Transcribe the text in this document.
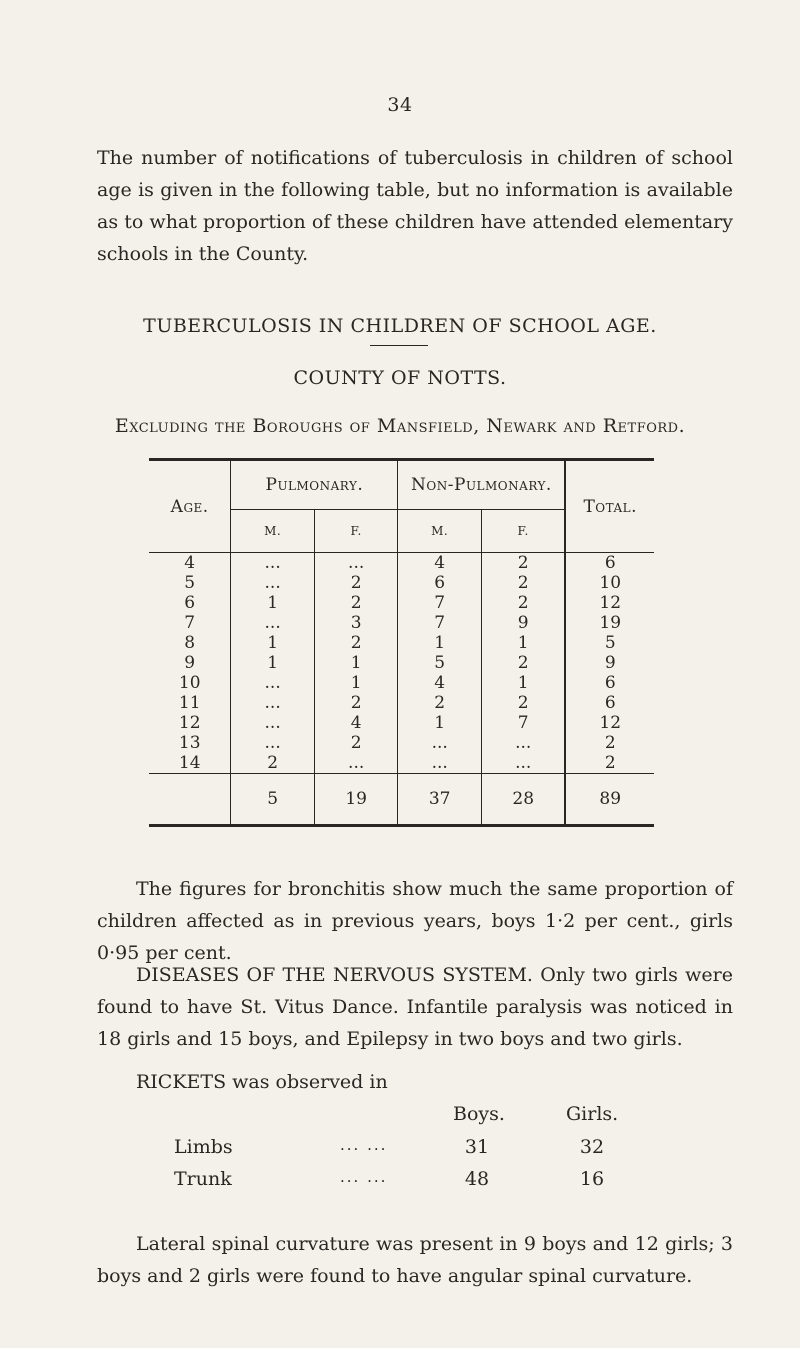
34
The number of notifications of tuberculosis in children of school age is given in the following table, but no information is available as to what proportion of these children have attended elementary schools in the County.
TUBERCULOSIS IN CHILDREN OF SCHOOL AGE.
COUNTY OF NOTTS.
Excluding the Boroughs of Mansfield, Newark and Retford.
Age.	Pulmonary.		Non-Pulmonary.		Total.
	M.	F.	M.	F.	
4	...	...	4	2	6
5	...	2	6	2	10
6	1	2	7	2	12
7	...	3	7	9	19
8	1	2	1	1	5
9	1	1	5	2	9
10	...	1	4	1	6
11	...	2	2	2	6
12	...	4	1	7	12
13	...	2	...	...	2
14	2	...	...	...	2
	5	19	37	28	89
The figures for bronchitis show much the same proportion of children affected as in previous years, boys 1·2 per cent., girls 0·95 per cent.
DISEASES OF THE NERVOUS SYSTEM. Only two girls were found to have St. Vitus Dance. Infantile paralysis was noticed in 18 girls and 15 boys, and Epilepsy in two boys and two girls.
RICKETS was observed in
Boys.	Girls.
Limbs	... ...	31	32
Trunk	... ...	48	16
Lateral spinal curvature was present in 9 boys and 12 girls; 3 boys and 2 girls were found to have angular spinal curvature.
